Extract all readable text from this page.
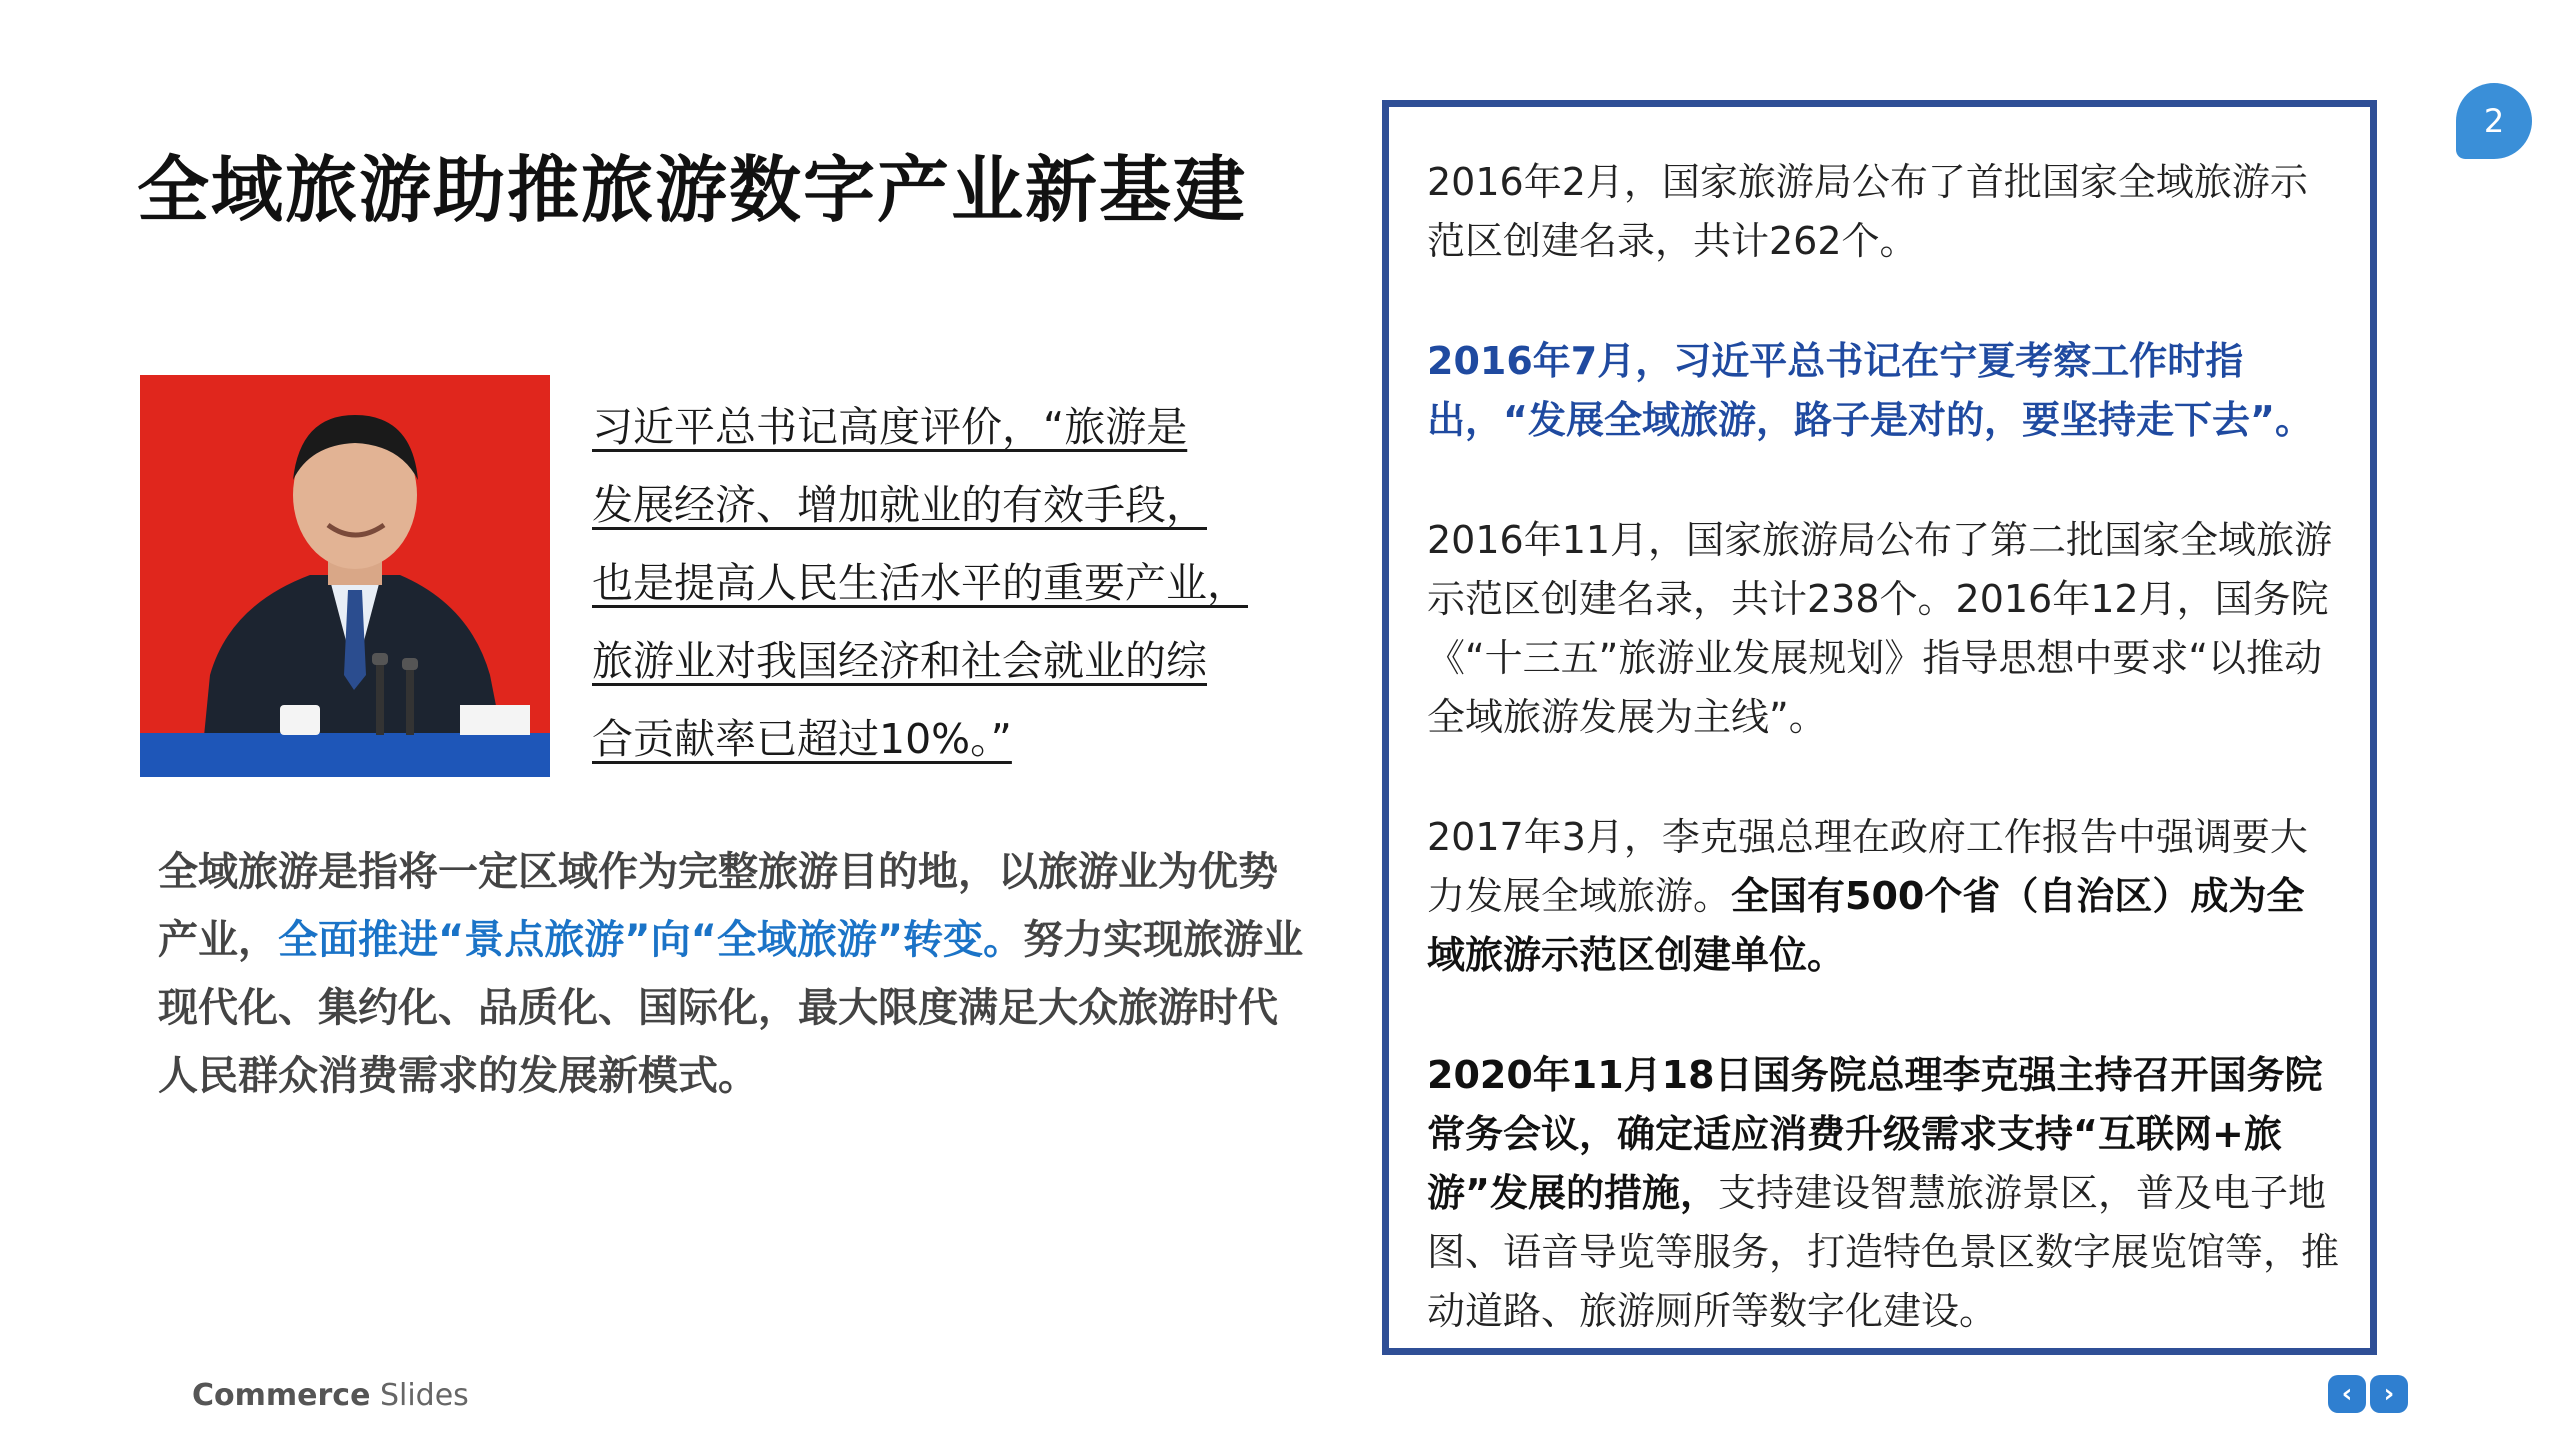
全域旅游助推旅游数字产业新基建
习近平总书记高度评价，“旅游是
发展经济、增加就业的有效手段，
也是提高人民生活水平的重要产业，
旅游业对我国经济和社会就业的综
合贡献率已超过10%。”
全域旅游是指将一定区域作为完整旅游目的地，以旅游业为优势产业，全面推进“景点旅游”向“全域旅游”转变。努力实现旅游业现代化、集约化、品质化、国际化，最大限度满足大众旅游时代人民群众消费需求的发展新模式。
2016年2月，国家旅游局公布了首批国家全域旅游示范区创建名录，共计262个。
2016年7月，习近平总书记在宁夏考察工作时指出，“发展全域旅游，路子是对的，要坚持走下去”。
2016年11月，国家旅游局公布了第二批国家全域旅游示范区创建名录，共计238个。2016年12月，国务院《“十三五”旅游业发展规划》指导思想中要求“以推动全域旅游发展为主线”。
2017年3月，李克强总理在政府工作报告中强调要大力发展全域旅游。全国有500个省（自治区）成为全域旅游示范区创建单位。
2020年11月18日国务院总理李克强主持召开国务院常务会议，确定适应消费升级需求支持“互联网+旅游”发展的措施，支持建设智慧旅游景区，普及电子地图、语音导览等服务，打造特色景区数字展览馆等，推动道路、旅游厕所等数字化建设。
2
Commerce Slides	‹ ›
